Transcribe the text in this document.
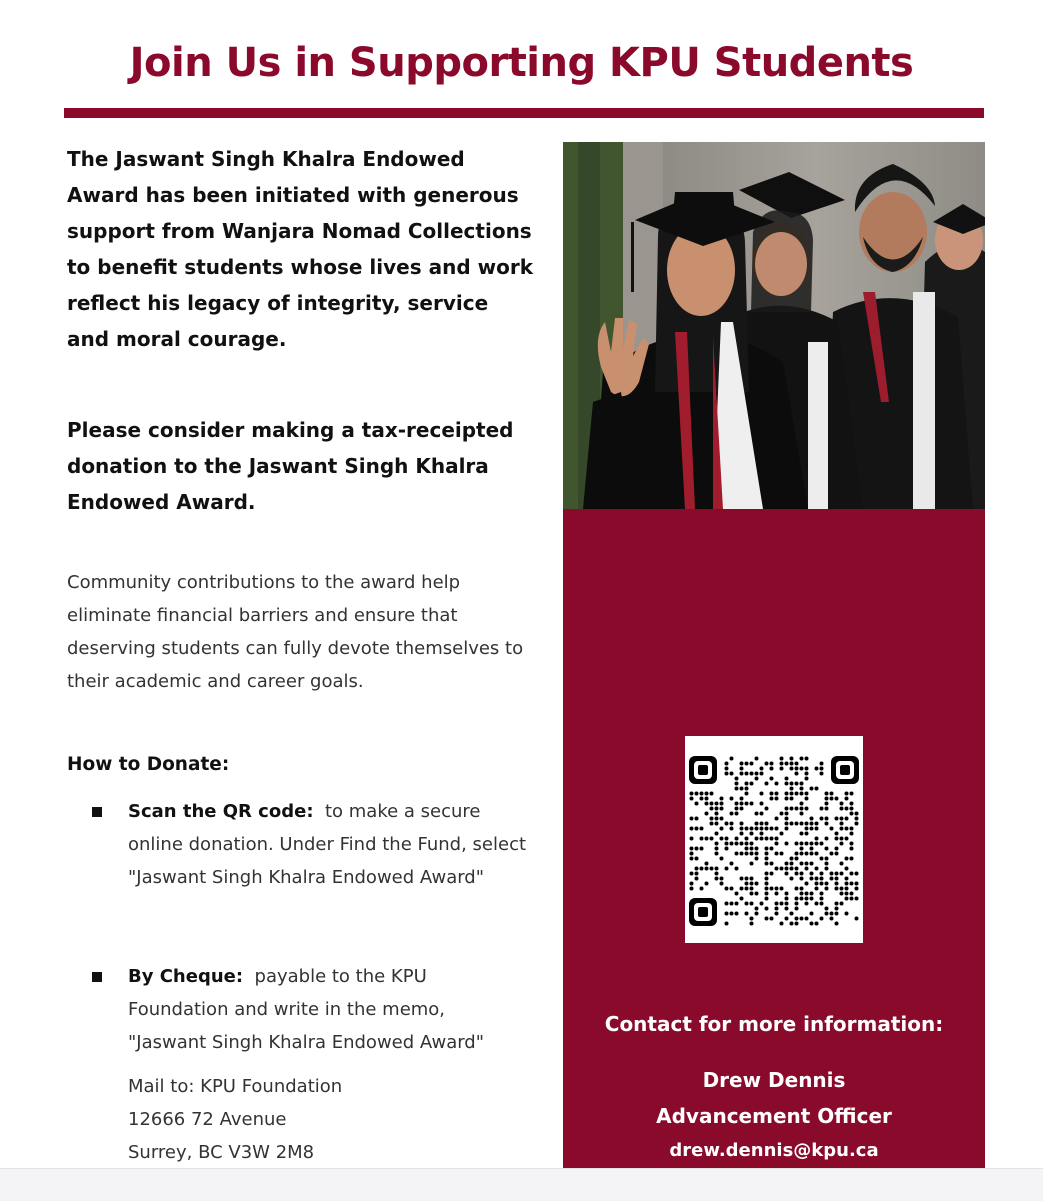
Join Us in Supporting KPU Students
The Jaswant Singh Khalra Endowed Award has been initiated with generous support from Wanjara Nomad Collections to benefit students whose lives and work reflect his legacy of integrity, service and moral courage.
Please consider making a tax-receipted donation to the Jaswant Singh Khalra Endowed Award.
Community contributions to the award help eliminate financial barriers and ensure that deserving students can fully devote themselves to their academic and career goals.
How to Donate:
Scan the QR code: to make a secure online donation. Under Find the Fund, select "Jaswant Singh Khalra Endowed Award"
By Cheque: payable to the KPU Foundation and write in the memo, "Jaswant Singh Khalra Endowed Award"
Mail to: KPU Foundation
12666 72 Avenue
Surrey, BC V3W 2M8
Contact for more information:
Drew Dennis
Advancement Officer
drew.dennis@kpu.ca
